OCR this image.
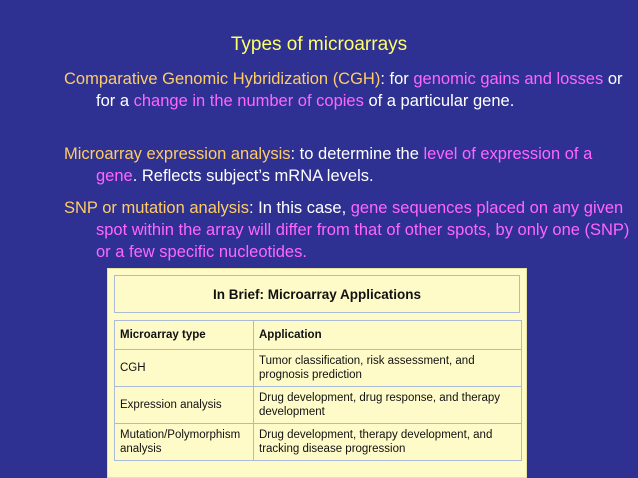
Types of microarrays
Comparative Genomic Hybridization (CGH): for genomic gains and losses or for a change in the number of copies of a particular gene.
Microarray expression analysis: to determine the level of expression of a gene. Reflects subject’s mRNA levels.
SNP or mutation analysis: In this case, gene sequences placed on any given spot within the array will differ from that of other spots, by only one (SNP) or a few specific nucleotides.
In Brief: Microarray Applications
Microarray type	Application
CGH	Tumor classification, risk assessment, and prognosis prediction
Expression analysis	Drug development, drug response, and therapy development
Mutation/Polymorphism analysis	Drug development, therapy development, and tracking disease progression
